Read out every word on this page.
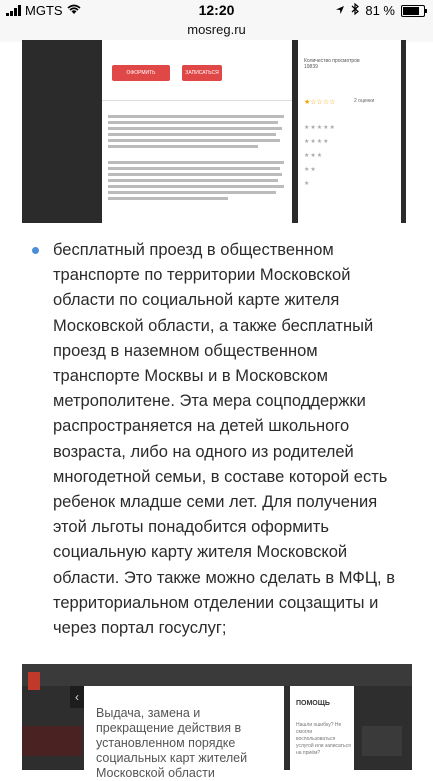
MGTS	12:20	81 %
mosreg.ru
ОФОРМИТЬ ЗАЯВЛЕНИЕ
ЗАПИСАТЬСЯ
Количество просмотров
19839
★☆☆☆☆	2 оценки
★★★★★
★★★★
★★★
★★
★
бесплатный проезд в общественном транспорте по территории Московской области по социальной карте жителя Московской области, а также бесплатный проезд в наземном общественном транспорте Москвы и в Московском метрополитене. Эта мера соцподдержки распространяется на детей школьного возраста, либо на одного из родителей многодетной семьи, в составе которой есть ребенок младше семи лет. Для получения этой льготы понадобится оформить социальную карту жителя Московской области. Это также можно сделать в МФЦ, в территориальном отделении соцзащиты и через портал госуслуг;
‹
Выдача, замена и прекращение действия в установленном порядке социальных карт жителей Московской области
ПОМОЩЬ
Нашли ошибку? Не смогли воспользоваться услугой или записаться на приём?
